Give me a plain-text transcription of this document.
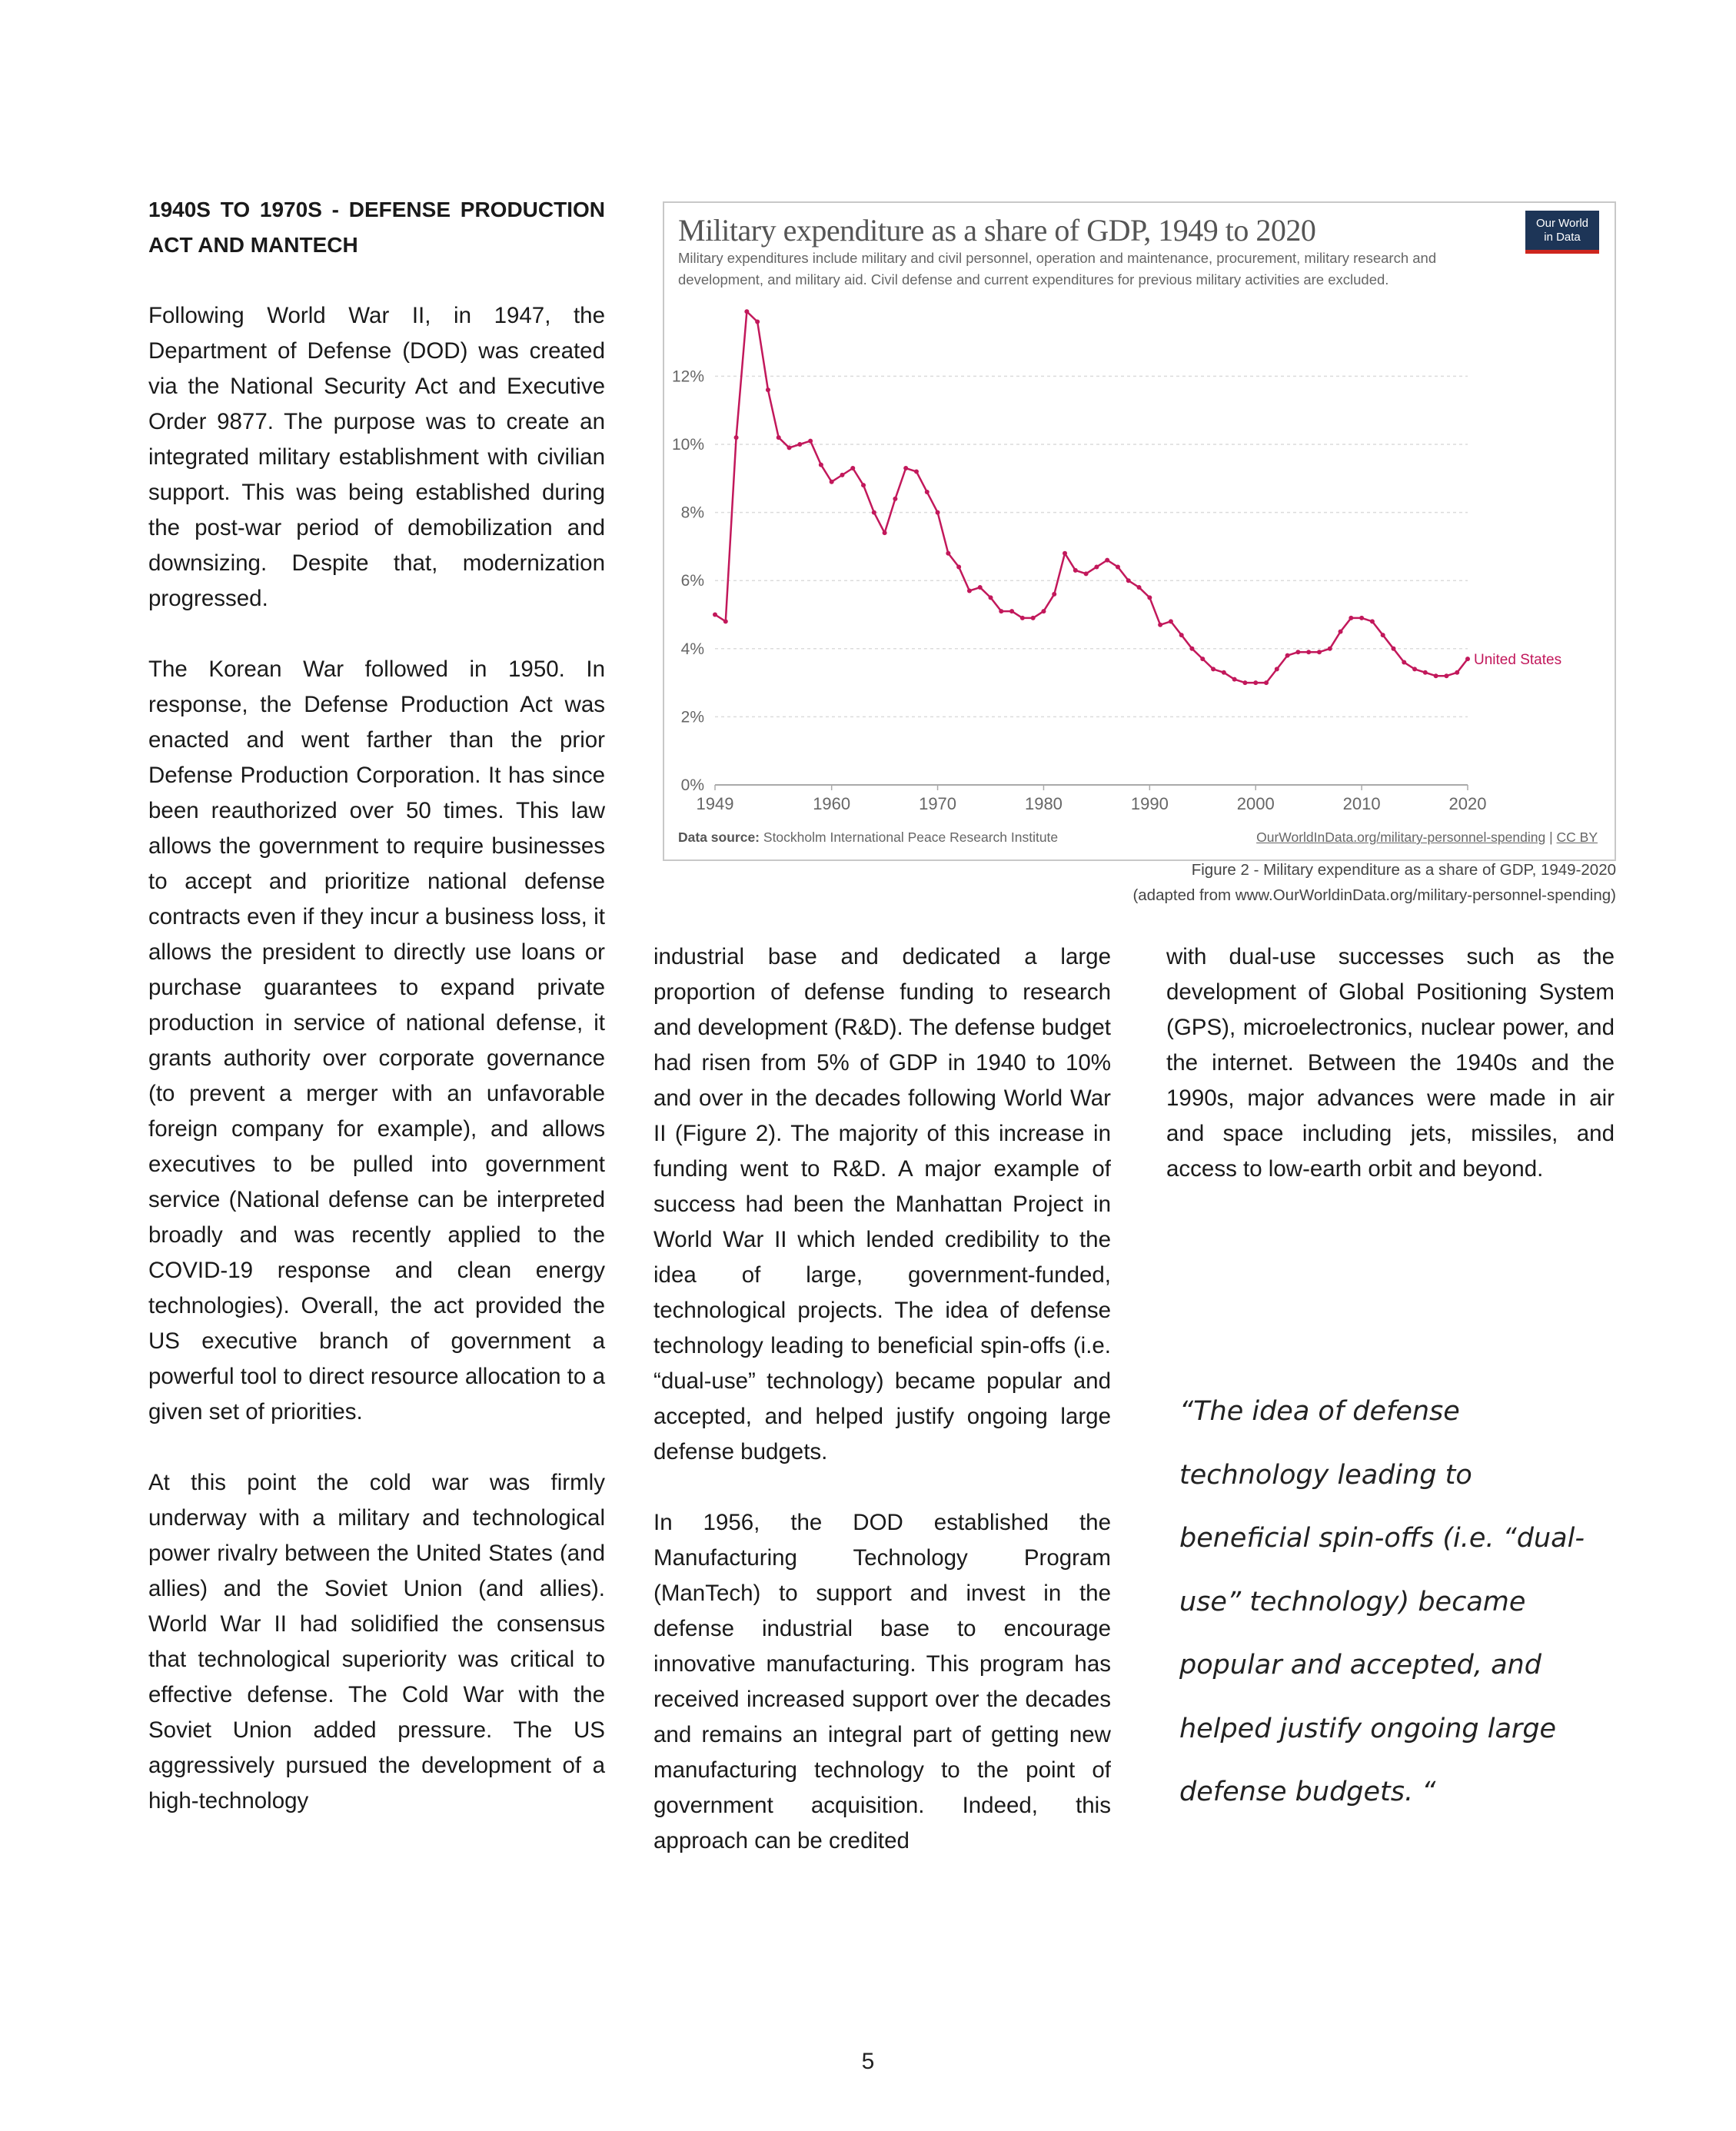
1940S TO 1970S - DEFENSE PRODUCTION ACT AND MANTECH

Following World War II, in 1947, the Department of Defense (DOD) was created via the National Security Act and Executive Order 9877. The purpose was to create an integrated military establishment with civilian support. This was being established during the post-war period of demobilization and downsizing. Despite that, modernization progressed.

The Korean War followed in 1950. In response, the Defense Production Act was enacted and went farther than the prior Defense Production Corporation. It has since been reauthorized over 50 times. This law allows the government to require businesses to accept and prioritize national defense contracts even if they incur a business loss, it allows the president to directly use loans or purchase guarantees to expand private production in service of national defense, it grants authority over corporate governance (to prevent a merger with an unfavorable foreign company for example), and allows executives to be pulled into government service (National defense can be interpreted broadly and was recently applied to the COVID-19 response and clean energy technologies). Overall, the act provided the US executive branch of government a powerful tool to direct resource allocation to a given set of priorities.

At this point the cold war was firmly underway with a military and technological power rivalry between the United States (and allies) and the Soviet Union (and allies). World War II had solidified the consensus that technological superiority was critical to effective defense. The Cold War with the Soviet Union added pressure. The US aggressively pursued the development of a high-technology

Military expenditure as a share of GDP, 1949 to 2020
Military expenditures include military and civil personnel, operation and maintenance, procurement, military research and development, and military aid. Civil defense and current expenditures for previous military activities are excluded.
Our World
in Data
0%
2%
4%
6%
8%
10%
12%
1949	1960	1970	1980	1990	2000	2010	2020
United States
Data source: Stockholm International Peace Research Institute	OurWorldInData.org/military-personnel-spending | CC BY
Figure 2 - Military expenditure as a share of GDP, 1949-2020
(adapted from www.OurWorldinData.org/military-personnel-spending)

industrial base and dedicated a large proportion of defense funding to research and development (R&D). The defense budget had risen from 5% of GDP in 1940 to 10% and over in the decades following World War II (Figure 2). The majority of this increase in funding went to R&D. A major example of success had been the Manhattan Project in World War II which lended credibility to the idea of large, government-funded, technological projects. The idea of defense technology leading to beneficial spin-offs (i.e. “dual-use” technology) became popular and accepted, and helped justify ongoing large defense budgets.

In 1956, the DOD established the Manufacturing Technology Program (ManTech) to support and invest in the defense industrial base to encourage innovative manufacturing. This program has received increased support over the decades and remains an integral part of getting new manufacturing technology to the point of government acquisition. Indeed, this approach can be credited

with dual-use successes such as the development of Global Positioning System (GPS), microelectronics, nuclear power, and the internet. Between the 1940s and the 1990s, major advances were made in air and space including jets, missiles, and access to low-earth orbit and beyond.

“The idea of defense technology leading to beneficial spin-offs (i.e. “dual-use” technology) became popular and accepted, and helped justify ongoing large defense budgets. “
5
